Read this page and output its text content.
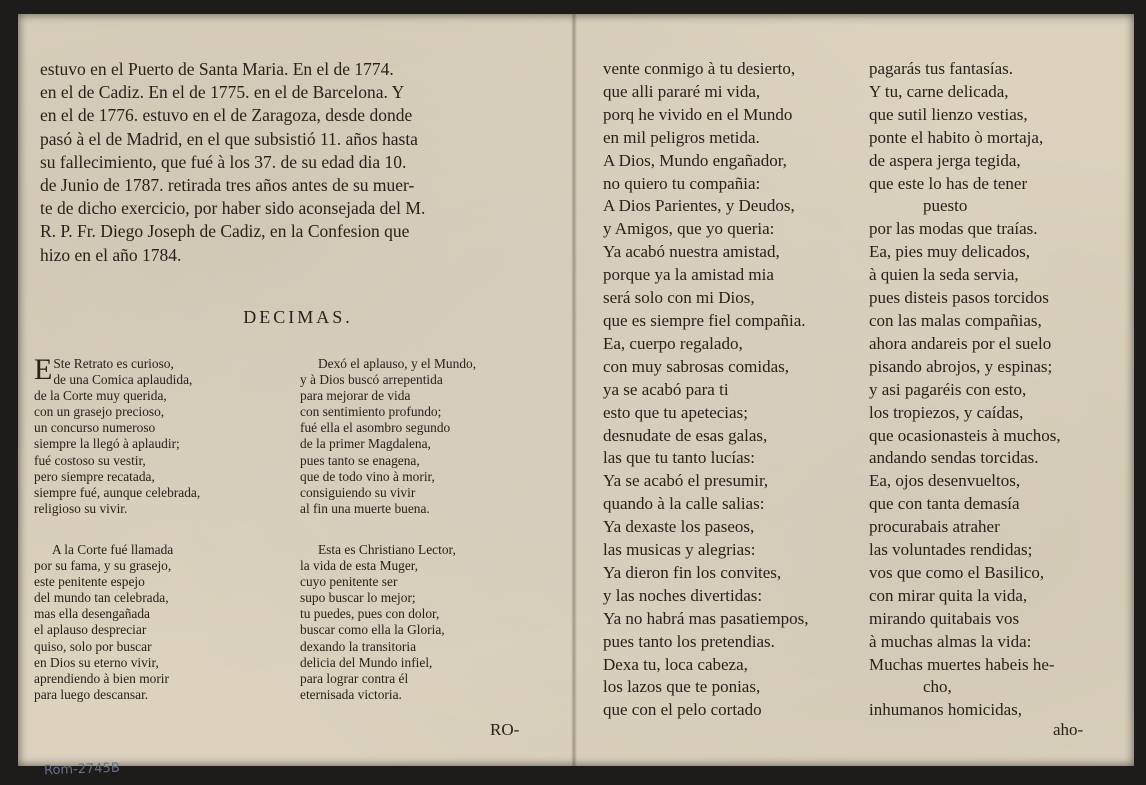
estuvo en el Puerto de Santa Maria. En el de 1774.
en el de Cadiz. En el de 1775. en el de Barcelona. Y
en el de 1776. estuvo en el de Zaragoza, desde donde
pasó à el de Madrid, en el que subsistió 11. años hasta
su fallecimiento, que fué à los 37. de su edad dia 10.
de Junio de 1787. retirada tres años antes de su muer-
te de dicho exercicio, por haber sido aconsejada del M.
R. P. Fr. Diego Joseph de Cadiz, en la Confesion que
hizo en el año 1784.
DECIMAS.
E Ste Retrato es curioso,
de una Comica aplaudida,
de la Corte muy querida,
con un grasejo precioso,
un concurso numeroso
siempre la llegó à aplaudir;
fué costoso su vestir,
pero siempre recatada,
siempre fué, aunque celebrada,
religioso su vivir.
A la Corte fué llamada
por su fama, y su grasejo,
este penitente espejo
del mundo tan celebrada,
mas ella desengañada
el aplauso despreciar
quiso, solo por buscar
en Dios su eterno vivir,
aprendiendo à bien morir
para luego descansar.
Dexó el aplauso, y el Mundo,
y à Dios buscó arrepentida
para mejorar de vida
con sentimiento profundo;
fué ella el asombro segundo
de la primer Magdalena,
pues tanto se enagena,
que de todo vino à morir,
consiguiendo su vivir
al fin una muerte buena.
Esta es Christiano Lector,
la vida de esta Muger,
cuyo penitente ser
supo buscar lo mejor;
tu puedes, pues con dolor,
buscar como ella la Gloria,
dexando la transitoria
delicia del Mundo infiel,
para lograr contra él
eternisada victoria.
RO-
Rom-2745B
vente conmigo à tu desierto,
que alli pararé mi vida,
porq he vivido en el Mundo
en mil peligros metida.
A Dios, Mundo engañador,
no quiero tu compañia:
A Dios Parientes, y Deudos,
y Amigos, que yo queria:
Ya acabó nuestra amistad,
porque ya la amistad mia
será solo con mi Dios,
que es siempre fiel compañia.
Ea, cuerpo regalado,
con muy sabrosas comidas,
ya se acabó para ti
esto que tu apetecias;
desnudate de esas galas,
las que tu tanto lucías:
Ya se acabó el presumir,
quando à la calle salias:
Ya dexaste los paseos,
las musicas y alegrias:
Ya dieron fin los convites,
y las noches divertidas:
Ya no habrá mas pasatiempos,
pues tanto los pretendias.
Dexa tu, loca cabeza,
los lazos que te ponias,
que con el pelo cortado
pagarás tus fantasías.
Y tu, carne delicada,
que sutil lienzo vestias,
ponte el habito ò mortaja,
de aspera jerga tegida,
que este lo has de tener
puesto
por las modas que traías.
Ea, pies muy delicados,
à quien la seda servia,
pues disteis pasos torcidos
con las malas compañias,
ahora andareis por el suelo
pisando abrojos, y espinas;
y asi pagaréis con esto,
los tropiezos, y caídas,
que ocasionasteis à muchos,
andando sendas torcidas.
Ea, ojos desenvueltos,
que con tanta demasía
procurabais atraher
las voluntades rendidas;
vos que como el Basilico,
con mirar quita la vida,
mirando quitabais vos
à muchas almas la vida:
Muchas muertes habeis he-
cho,
inhumanos homicidas,
aho-
